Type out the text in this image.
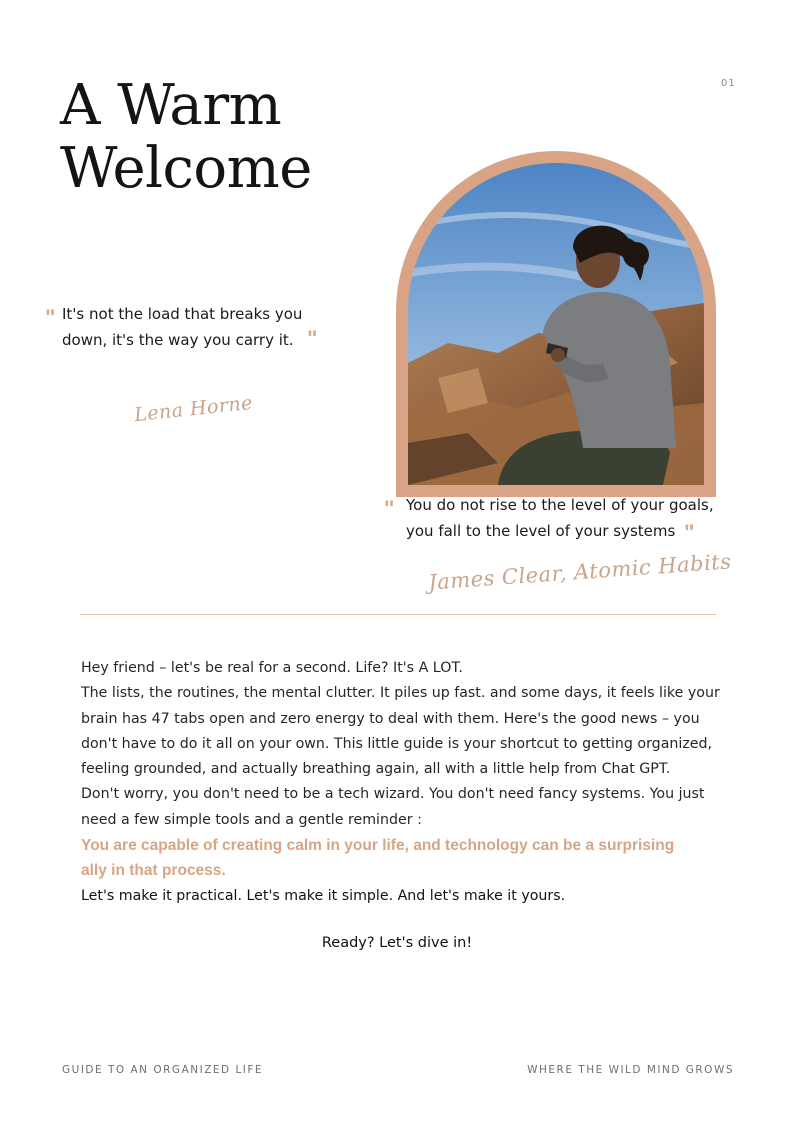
01
A Warm
Welcome
" It's not the load that breaks you
down, it's the way you carry it. "
Lena Horne
" You do not rise to the level of your goals,
you fall to the level of your systems "
James Clear, Atomic Habits

Hey friend – let's be real for a second. Life? It's A LOT.

The lists, the routines, the mental clutter. It piles up fast. and some days, it feels like your
brain has 47 tabs open and zero energy to deal with them. Here's the good news – you
don't have to do it all on your own. This little guide is your shortcut to getting organized,
feeling grounded, and actually breathing again, all with a little help from Chat GPT.

Don't worry, you don't need to be a tech wizard. You don't need fancy systems. You just
need a few simple tools and a gentle reminder :

You are capable of creating calm in your life, and technology can be a surprising
ally in that process.

Let's make it practical. Let's make it simple. And let's make it yours.

Ready? Let's dive in!
GUIDE TO AN ORGANIZED LIFE	WHERE THE WILD MIND GROWS
